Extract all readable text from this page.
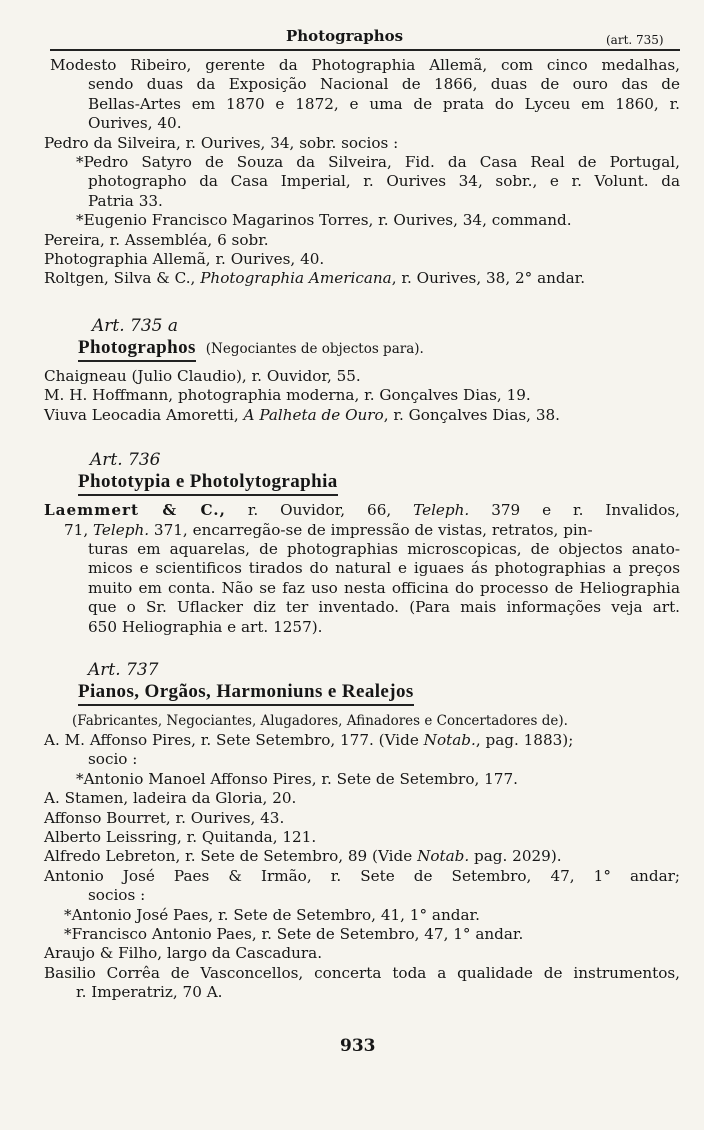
Photographos	(art. 735)
Modesto Ribeiro, gerente da Photographia Allemã, com cinco medalhas,
sendo duas da Exposição Nacional de 1866, duas de ouro das de
Bellas-Artes em 1870 e 1872, e uma de prata do Lyceu em 1860, r.
Ourives, 40.
Pedro da Silveira, r. Ourives, 34, sobr. socios :
*Pedro Satyro de Souza da Silveira, Fid. da Casa Real de Portugal,
photographo da Casa Imperial, r. Ourives 34, sobr., e r. Volunt. da
Patria 33.
*Eugenio Francisco Magarinos Torres, r. Ourives, 34, command.
Pereira, r. Assembléa, 6 sobr.
Photographia Allemã, r. Ourives, 40.
Roltgen, Silva & C., Photographia Americana, r. Ourives, 38, 2° andar.
Art. 735 a
Photographos (Negociantes de objectos para).
Chaigneau (Julio Claudio), r. Ouvidor, 55.
M. H. Hoffmann, photographia moderna, r. Gonçalves Dias, 19.
Viuva Leocadia Amoretti, A Palheta de Ouro, r. Gonçalves Dias, 38.
Art. 736
Phototypia e Photolytographia
Laemmert & C., r. Ouvidor, 66, Teleph. 379 e r. Invalidos,
71, Teleph. 371, encarregão-se de impressão de vistas, retratos, pin-
turas em aquarelas, de photographias microscopicas, de objectos anato-
micos e scientificos tirados do natural e iguaes ás photographias a preços
muito em conta. Não se faz uso nesta officina do processo de Heliographia
que o Sr. Uflacker diz ter inventado. (Para mais informações veja art.
650 Heliographia e art. 1257).
Art. 737
Pianos, Orgãos, Harmoniuns e Realejos
(Fabricantes, Negociantes, Alugadores, Afinadores e Concertadores de).
A. M. Affonso Pires, r. Sete Setembro, 177. (Vide Notab., pag. 1883);
socio :
*Antonio Manoel Affonso Pires, r. Sete de Setembro, 177.
A. Stamen, ladeira da Gloria, 20.
Affonso Bourret, r. Ourives, 43.
Alberto Leissring, r. Quitanda, 121.
Alfredo Lebreton, r. Sete de Setembro, 89 (Vide Notab. pag. 2029).
Antonio José Paes & Irmão, r. Sete de Setembro, 47, 1° andar;
socios :
*Antonio José Paes, r. Sete de Setembro, 41, 1° andar.
*Francisco Antonio Paes, r. Sete de Setembro, 47, 1° andar.
Araujo & Filho, largo da Cascadura.
Basilio Corrêa de Vasconcellos, concerta toda a qualidade de instrumentos,
r. Imperatriz, 70 A.
933
